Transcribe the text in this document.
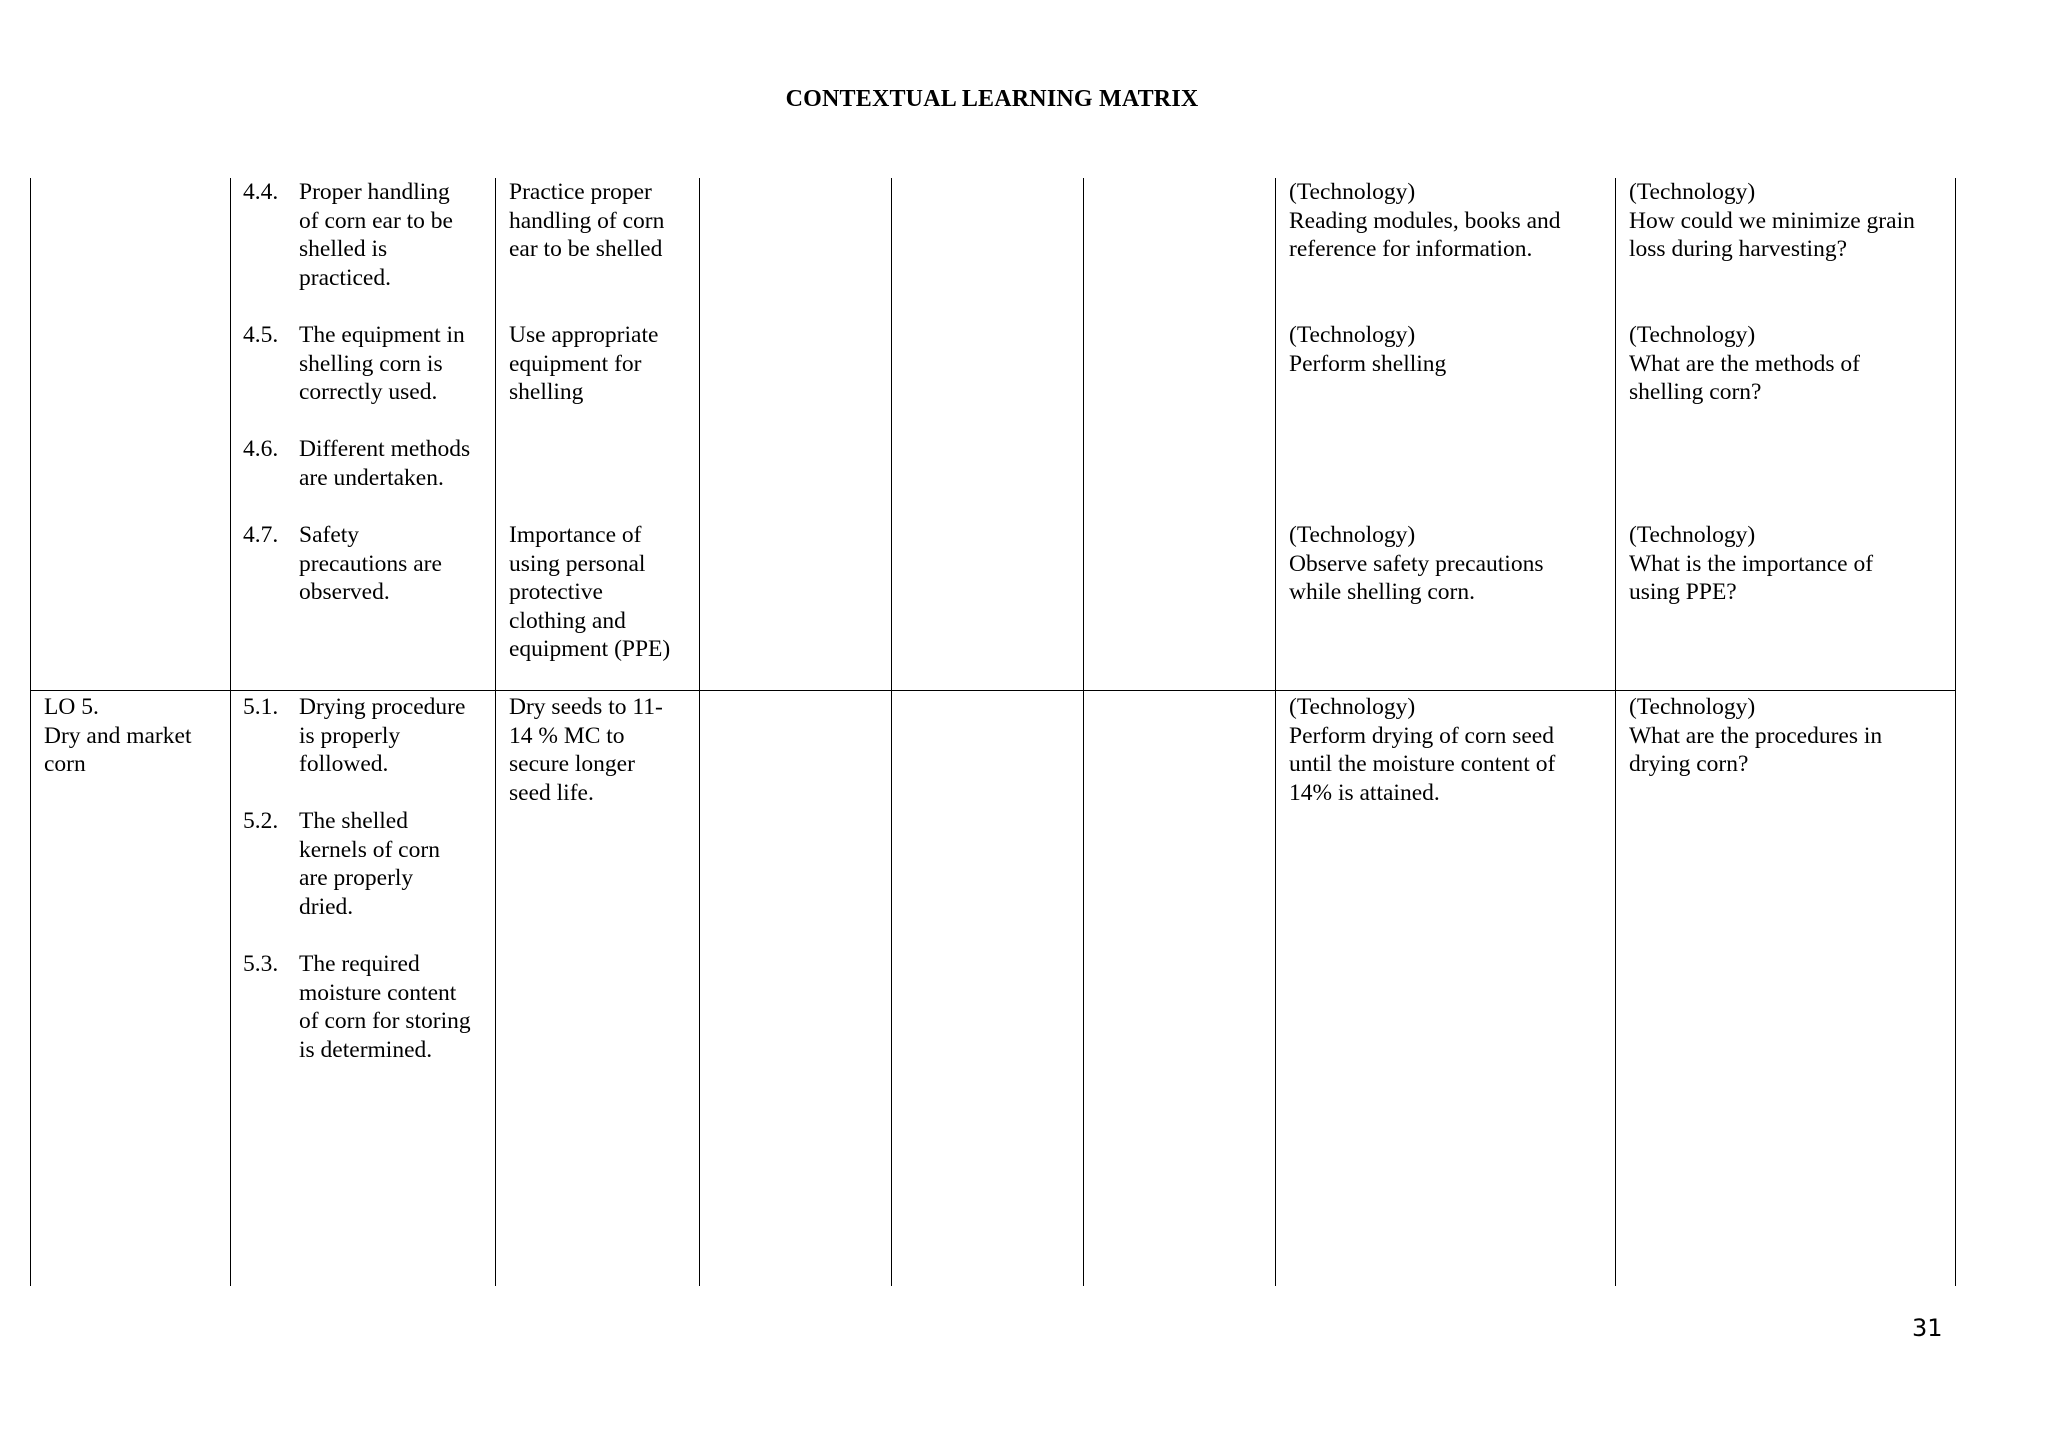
CONTEXTUAL LEARNING MATRIX
4.4. Proper handling
of corn ear to be
shelled is
practiced.
Practice proper
handling of corn
ear to be shelled
(Technology)
Reading modules, books and
reference for information.
(Technology)
How could we minimize grain
loss during harvesting?
4.5. The equipment in
shelling corn is
correctly used.
4.6. Different methods
are undertaken.
Use appropriate
equipment for
shelling
(Technology)
Perform shelling
(Technology)
What are the methods of
shelling corn?
4.7. Safety
precautions are
observed.
Importance of
using personal
protective
clothing and
equipment (PPE)
(Technology)
Observe safety precautions
while shelling corn.
(Technology)
What is the importance of
using PPE?
LO 5.
Dry and market
corn
5.1. Drying procedure
is properly
followed.
5.2. The shelled
kernels of corn
are properly
dried.
5.3. The required
moisture content
of corn for storing
is determined.
Dry seeds to 11-
14 % MC to
secure longer
seed life.
(Technology)
Perform drying of corn seed
until the moisture content of
14% is attained.
(Technology)
What are the procedures in
drying corn?
31
